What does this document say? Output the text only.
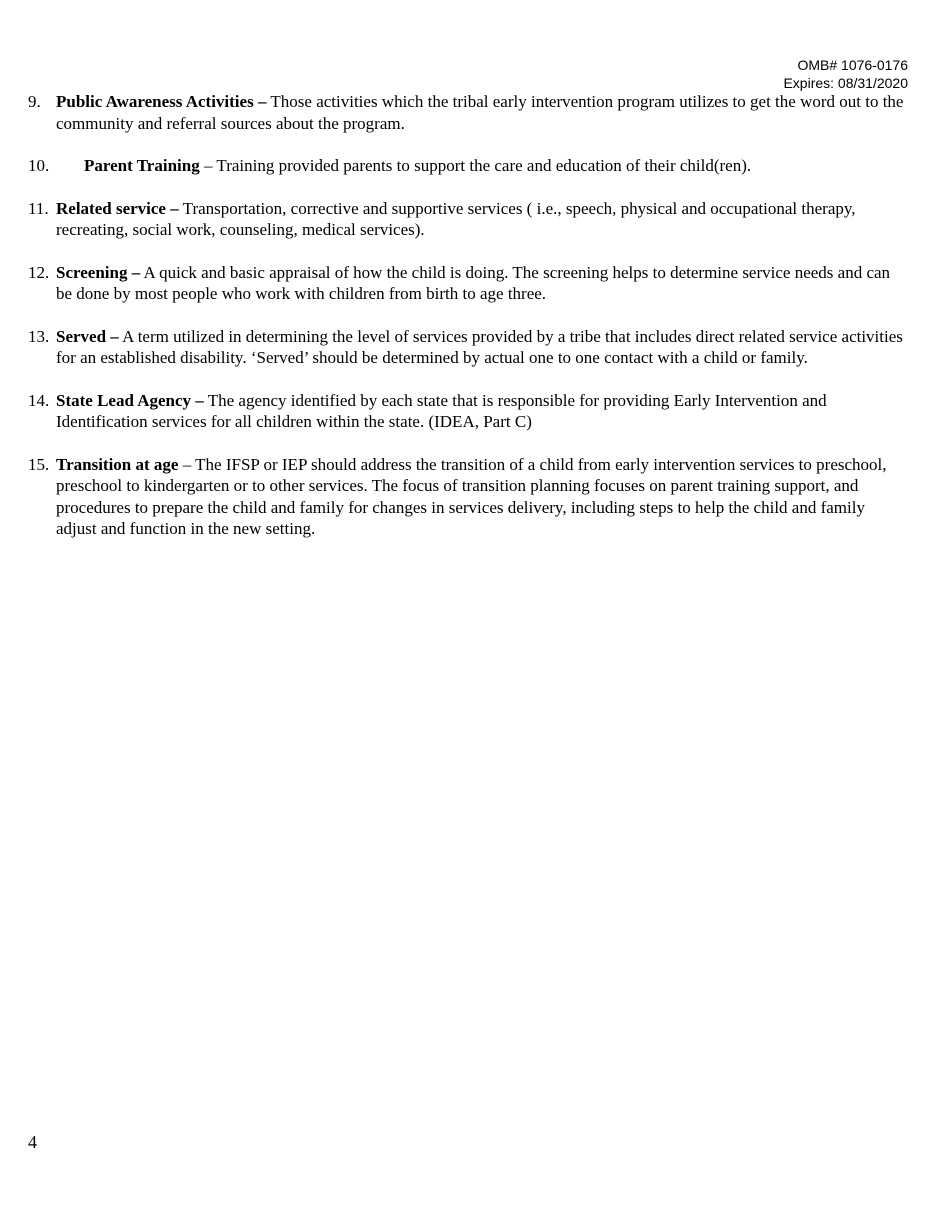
OMB# 1076-0176
Expires: 08/31/2020
9. Public Awareness Activities – Those activities which the tribal early intervention program utilizes to get the word out to the community and referral sources about the program.
10. Parent Training – Training provided parents to support the care and education of their child(ren).
11. Related service – Transportation, corrective and supportive services ( i.e., speech, physical and occupational therapy, recreating, social work, counseling, medical services).
12. Screening – A quick and basic appraisal of how the child is doing. The screening helps to determine service needs and can be done by most people who work with children from birth to age three.
13. Served – A term utilized in determining the level of services provided by a tribe that includes direct related service activities for an established disability. ‘Served’ should be determined by actual one to one contact with a child or family.
14. State Lead Agency – The agency identified by each state that is responsible for providing Early Intervention and Identification services for all children within the state. (IDEA, Part C)
15. Transition at age – The IFSP or IEP should address the transition of a child from early intervention services to preschool, preschool to kindergarten or to other services. The focus of transition planning focuses on parent training support, and procedures to prepare the child and family for changes in services delivery, including steps to help the child and family adjust and function in the new setting.
4
